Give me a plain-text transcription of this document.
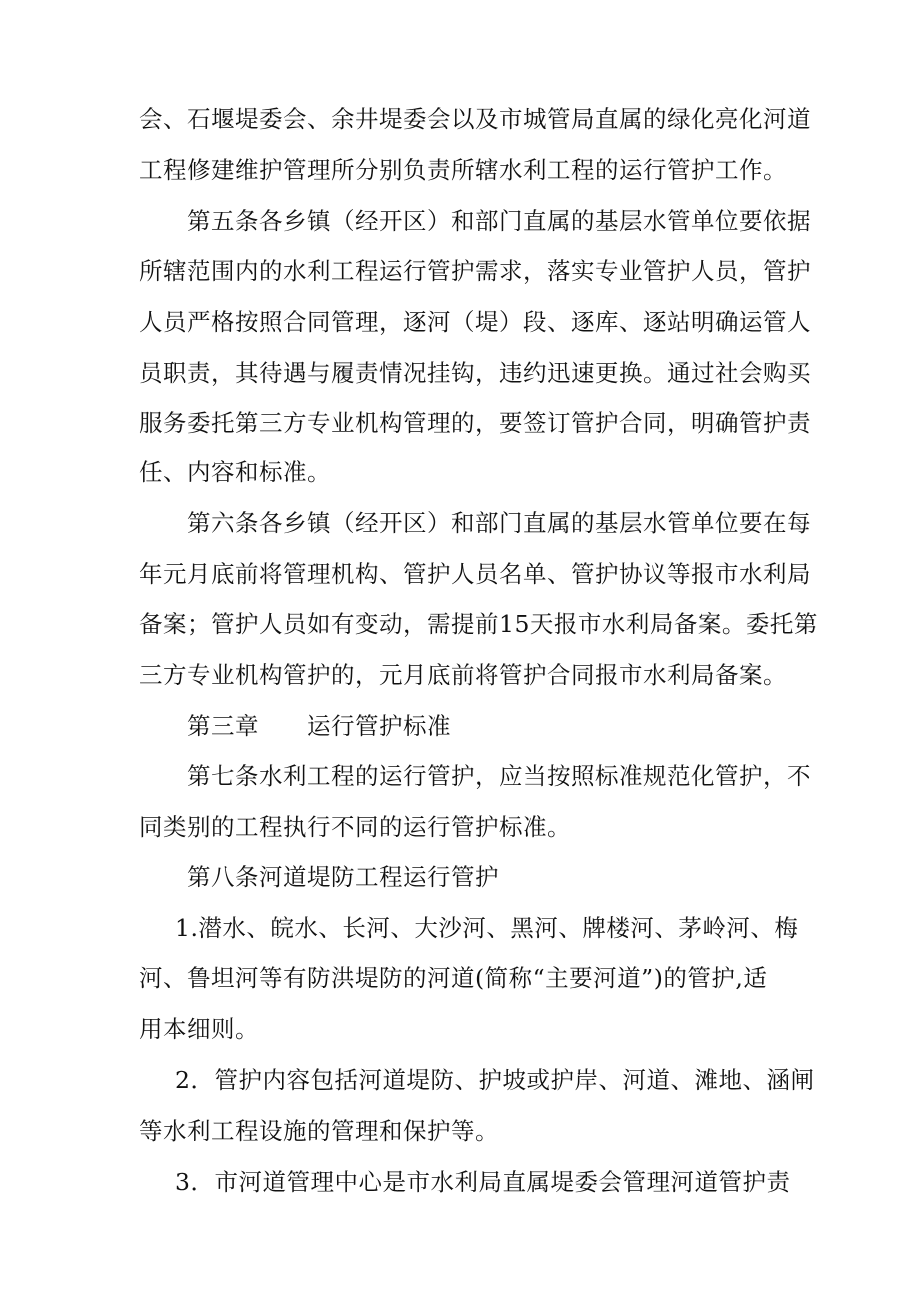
会、石堰堤委会、余井堤委会以及市城管局直属的绿化亮化河道
工程修建维护管理所分别负责所辖水利工程的运行管护工作。
第五条各乡镇（经开区）和部门直属的基层水管单位要依据
所辖范围内的水利工程运行管护需求，落实专业管护人员，管护
人员严格按照合同管理，逐河（堤）段、逐库、逐站明确运管人
员职责，其待遇与履责情况挂钩，违约迅速更换。通过社会购买
服务委托第三方专业机构管理的，要签订管护合同，明确管护责
任、内容和标准。
第六条各乡镇（经开区）和部门直属的基层水管单位要在每
年元月底前将管理机构、管护人员名单、管护协议等报市水利局
备案；管护人员如有变动，需提前15天报市水利局备案。委托第
三方专业机构管护的，元月底前将管护合同报市水利局备案。
第三章　　运行管护标准
第七条水利工程的运行管护，应当按照标准规范化管护，不
同类别的工程执行不同的运行管护标准。
第八条河道堤防工程运行管护
1.潜水、皖水、长河、大沙河、黑河、牌楼河、茅岭河、梅
河、鲁坦河等有防洪堤防的河道(简称“主要河道”)的管护,适
用本细则。
2．管护内容包括河道堤防、护坡或护岸、河道、滩地、涵闸
等水利工程设施的管理和保护等。
3．市河道管理中心是市水利局直属堤委会管理河道管护责
